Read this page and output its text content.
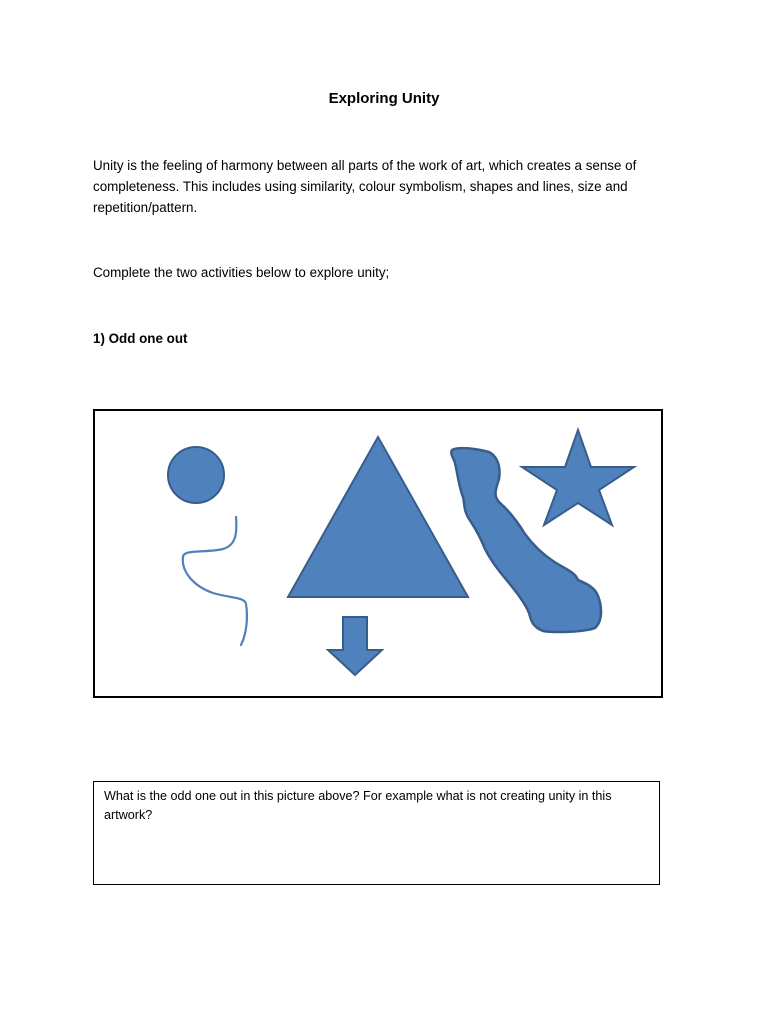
Exploring Unity

Unity is the feeling of harmony between all parts of the work of art, which creates a sense of completeness. This includes using similarity, colour symbolism, shapes and lines, size and repetition/pattern.

Complete the two activities below to explore unity;

1) Odd one out

What is the odd one out in this picture above? For example what is not creating unity in this artwork?
